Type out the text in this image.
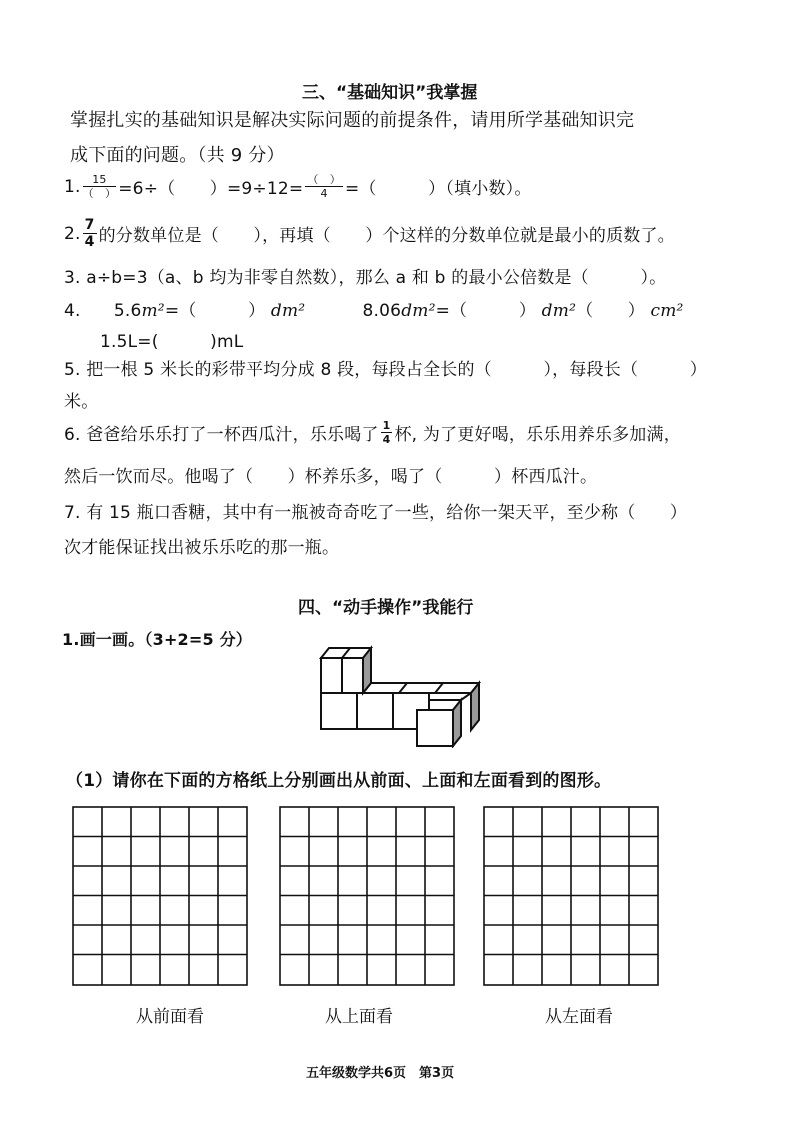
三、“基础知识”我掌握
掌握扎实的基础知识是解决实际问题的前提条件，请用所学基础知识完
成下面的问题。（共 9 分）
1. $\frac{15}{( )} =6\div$（　　）$=9\div 12= \frac{( )}{4}$ =（　　　）（填小数）。
2. $\frac{7}{4}$ 的分数单位是（　　），再填（　　）个这样的分数单位就是最小的质数了。
3. a÷b=3（a、b 均为非零自然数），那么 a 和 b 的最小公倍数是（　　　）。
4. 5.6m²=（　　　） dm²	8.06dm²=（　　　） dm²（　　） cm²
1.5L=(　　　)mL
5. 把一根 5 米长的彩带平均分成 8 段，每段占全长的（　　　），每段长（　　　）
米。
6. 爸爸给乐乐打了一杯西瓜汁，乐乐喝了 $\frac{1}{4}$ 杯, 为了更好喝，乐乐用养乐多加满，
然后一饮而尽。他喝了（　　）杯养乐多，喝了（　　　）杯西瓜汁。
7. 有 15 瓶口香糖，其中有一瓶被奇奇吃了一些，给你一架天平，至少称（　　）
次才能保证找出被乐乐吃的那一瓶。
四、“动手操作”我能行
1.画一画。（3+2=5 分）
（1）请你在下面的方格纸上分别画出从前面、上面和左面看到的图形。
从前面看	从上面看	从左面看
五年级数学共6页　第3页
